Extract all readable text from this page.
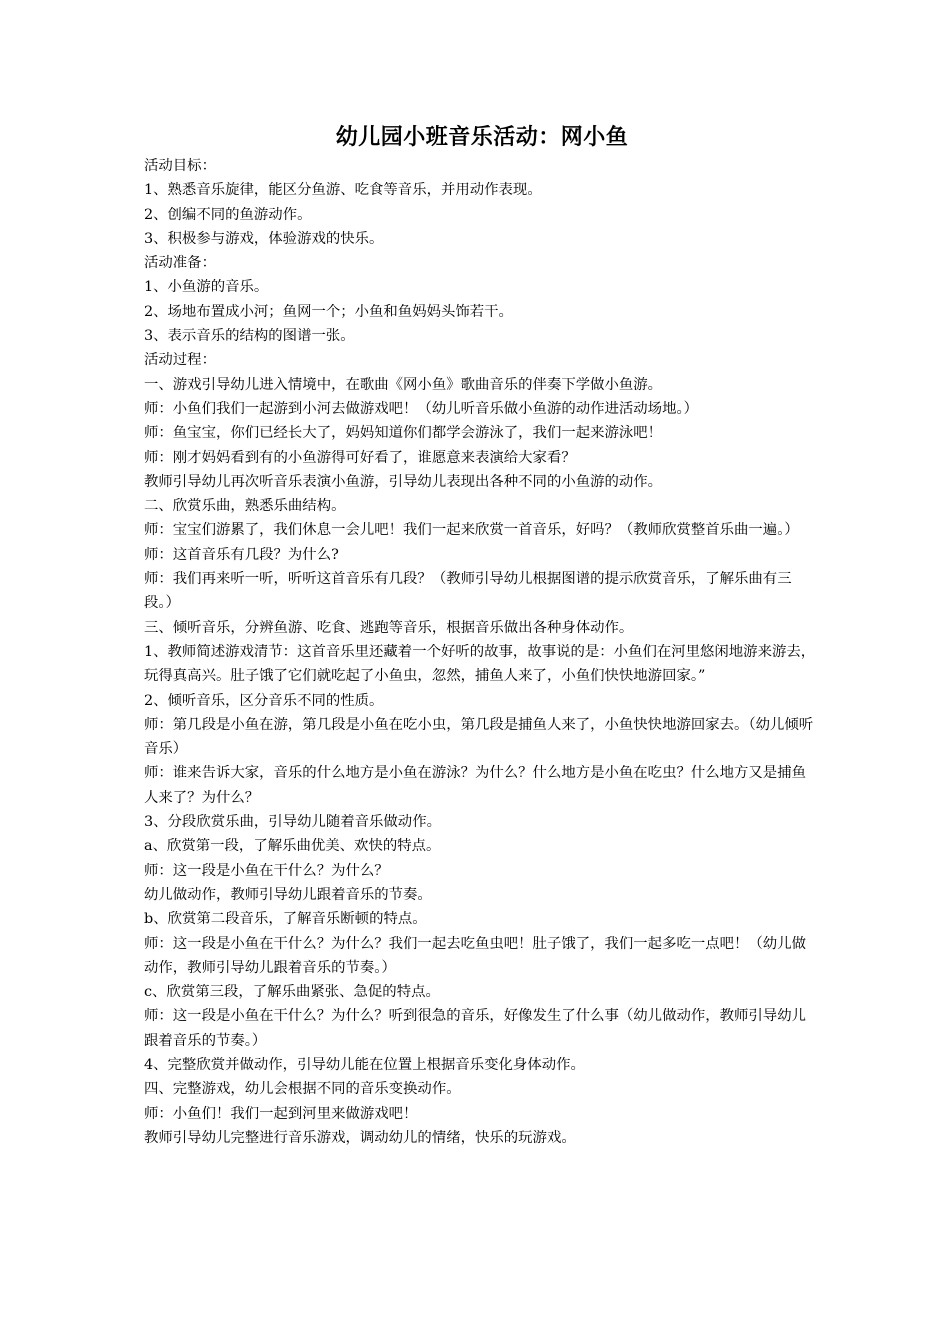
幼儿园小班音乐活动：网小鱼

活动目标：

1、熟悉音乐旋律，能区分鱼游、吃食等音乐，并用动作表现。

2、创编不同的鱼游动作。

3、积极参与游戏，体验游戏的快乐。

活动准备：

1、小鱼游的音乐。

2、场地布置成小河；鱼网一个；小鱼和鱼妈妈头饰若干。

3、表示音乐的结构的图谱一张。

活动过程：

一、游戏引导幼儿进入情境中，在歌曲《网小鱼》歌曲音乐的伴奏下学做小鱼游。

师：小鱼们我们一起游到小河去做游戏吧！（幼儿听音乐做小鱼游的动作进活动场地。）

师：鱼宝宝，你们已经长大了，妈妈知道你们都学会游泳了，我们一起来游泳吧！

师：刚才妈妈看到有的小鱼游得可好看了，谁愿意来表演给大家看？

教师引导幼儿再次听音乐表演小鱼游，引导幼儿表现出各种不同的小鱼游的动作。

二、欣赏乐曲，熟悉乐曲结构。

师：宝宝们游累了，我们休息一会儿吧！我们一起来欣赏一首音乐，好吗？（教师欣赏整首乐曲一遍。）

师：这首音乐有几段？为什么?

师：我们再来听一听，听听这首音乐有几段？（教师引导幼儿根据图谱的提示欣赏音乐，了解乐曲有三段。）

三、倾听音乐，分辨鱼游、吃食、逃跑等音乐，根据音乐做出各种身体动作。

1、教师简述游戏清节：这首音乐里还藏着一个好听的故事，故事说的是：小鱼们在河里悠闲地游来游去，玩得真高兴。肚子饿了它们就吃起了小鱼虫，忽然，捕鱼人来了，小鱼们快快地游回家。”

2、倾听音乐，区分音乐不同的性质。

师：第几段是小鱼在游，第几段是小鱼在吃小虫，第几段是捕鱼人来了，小鱼快快地游回家去。（幼儿倾听音乐）

师：谁来告诉大家，音乐的什么地方是小鱼在游泳？为什么？什么地方是小鱼在吃虫？什么地方又是捕鱼人来了？为什么？

3、分段欣赏乐曲，引导幼儿随着音乐做动作。

a、欣赏第一段，了解乐曲优美、欢快的特点。

师：这一段是小鱼在干什么？为什么？

幼儿做动作，教师引导幼儿跟着音乐的节奏。

b、欣赏第二段音乐，了解音乐断顿的特点。

师：这一段是小鱼在干什么？为什么？我们一起去吃鱼虫吧！肚子饿了，我们一起多吃一点吧！（幼儿做动作，教师引导幼儿跟着音乐的节奏。）

c、欣赏第三段，了解乐曲紧张、急促的特点。

师：这一段是小鱼在干什么？为什么？听到很急的音乐，好像发生了什么事（幼儿做动作，教师引导幼儿跟着音乐的节奏。）

4、完整欣赏并做动作，引导幼儿能在位置上根据音乐变化身体动作。

四、完整游戏，幼儿会根据不同的音乐变换动作。

师：小鱼们！我们一起到河里来做游戏吧！

教师引导幼儿完整进行音乐游戏，调动幼儿的情绪，快乐的玩游戏。
